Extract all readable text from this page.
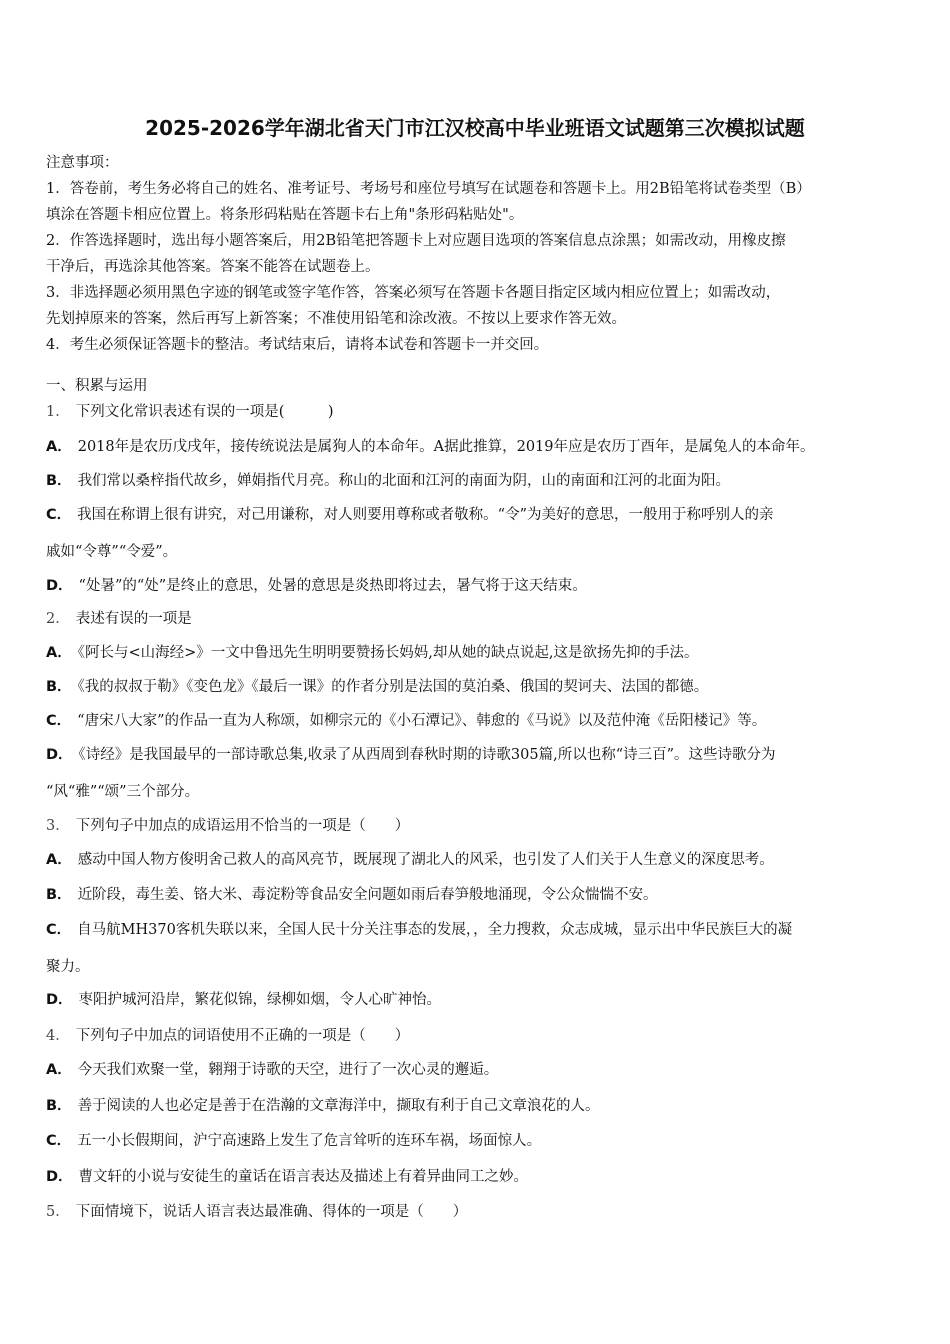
2025-2026学年湖北省天门市江汉校高中毕业班语文试题第三次模拟试题
注意事项：
1．答卷前，考生务必将自己的姓名、准考证号、考场号和座位号填写在试题卷和答题卡上。用2B铅笔将试卷类型（B）
填涂在答题卡相应位置上。将条形码粘贴在答题卡右上角"条形码粘贴处"。
2．作答选择题时，选出每小题答案后，用2B铅笔把答题卡上对应题目选项的答案信息点涂黑；如需改动，用橡皮擦
干净后，再选涂其他答案。答案不能答在试题卷上。
3．非选择题必须用黑色字迹的钢笔或签字笔作答，答案必须写在答题卡各题目指定区域内相应位置上；如需改动，
先划掉原来的答案，然后再写上新答案；不准使用铅笔和涂改液。不按以上要求作答无效。
4．考生必须保证答题卡的整洁。考试结束后，请将本试卷和答题卡一并交回。
一、积累与运用
1． 下列文化常识表述有误的一项是(　　　)
A． 2018年是农历戊戌年，接传统说法是属狗人的本命年。A据此推算，2019年应是农历丁酉年，是属兔人的本命年。
B． 我们常以桑梓指代故乡，婵娟指代月亮。称山的北面和江河的南面为阴，山的南面和江河的北面为阳。
C． 我国在称谓上很有讲究，对己用谦称，对人则要用尊称或者敬称。“令”为美好的意思，一般用于称呼别人的亲
戚如“令尊”“令爱”。
D． “处暑”的“处”是终止的意思，处暑的意思是炎热即将过去，暑气将于这天结束。
2． 表述有误的一项是
A． 《阿长与<山海经>》一文中鲁迅先生明明要赞扬长妈妈,却从她的缺点说起,这是欲扬先抑的手法。
B． 《我的叔叔于勒》《变色龙》《最后一课》的作者分别是法国的莫泊桑、俄国的契诃夫、法国的都德。
C． “唐宋八大家”的作品一直为人称颂，如柳宗元的《小石潭记》、韩愈的《马说》以及范仲淹《岳阳楼记》等。
D． 《诗经》是我国最早的一部诗歌总集,收录了从西周到春秋时期的诗歌305篇,所以也称“诗三百”。这些诗歌分为
“风“雅”“颂”三个部分。
3． 下列句子中加点的成语运用不恰当的一项是（　　）
A． 感动中国人物方俊明舍己救人的高风亮节，既展现了湖北人的风采，也引发了人们关于人生意义的深度思考。
B． 近阶段，毒生姜、铬大米、毒淀粉等食品安全问题如雨后春笋般地涌现，令公众惴惴不安。
C． 自马航MH370客机失联以来，全国人民十分关注事态的发展，，全力搜救，众志成城，显示出中华民族巨大的凝
聚力。
D． 枣阳护城河沿岸，繁花似锦，绿柳如烟，令人心旷神怡。
4． 下列句子中加点的词语使用不正确的一项是（　　）
A． 今天我们欢聚一堂，翱翔于诗歌的天空，进行了一次心灵的邂逅。
B． 善于阅读的人也必定是善于在浩瀚的文章海洋中，撷取有利于自己文章浪花的人。
C． 五一小长假期间，沪宁高速路上发生了危言耸听的连环车祸，场面惊人。
D． 曹文轩的小说与安徒生的童话在语言表达及描述上有着异曲同工之妙。
5． 下面情境下，说话人语言表达最准确、得体的一项是（　　）
